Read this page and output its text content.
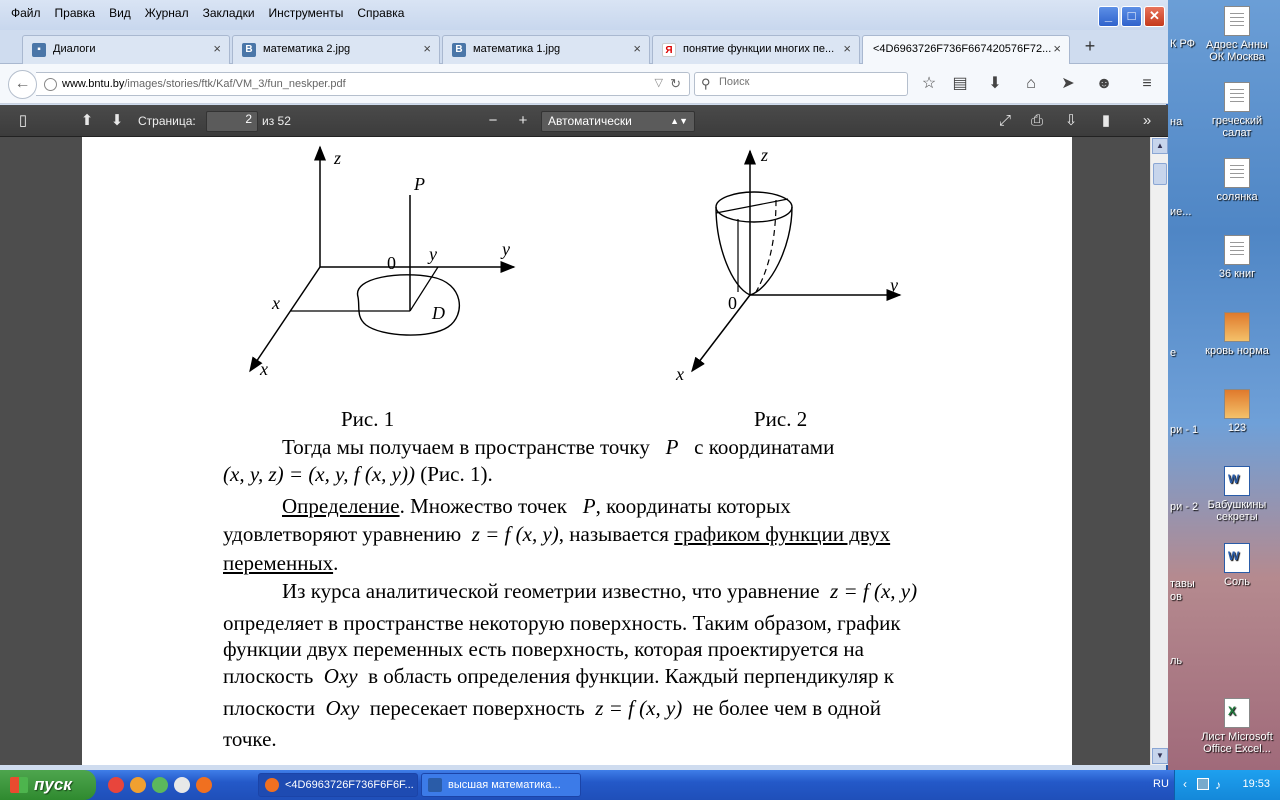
Адрес Анны ОК Москва
греческий салат
солянка
36 книг
кровь норма
123
W
Бабушкины секреты
W
Соль
X
Лист Microsoft Office Excel...
К РФ
на
ие...
е
ри - 1
ри - 2
тавы
ов
ль
Файл	Правка	Вид	Журнал	Закладки	Инструменты	Справка	_	□	✕
▪	Диалоги	×	B математика 2.jpg	×	B математика 1.jpg	×	Я понятие функции многих пе... ×	<4D6963726F736F667420576F72... × +
www.bntu.by/images/stories/ftk/Kaf/VM_3/fun_neskper.pdf	▽ ↻
←	⚲
Поиск	☆ ▤ ⬇	⌂	➤ ☻	≡
▯	⬆	⬇	Страница:	2 из 52	−	+	Автоматически	▲▼	⤢	⎙	⇩	▮	»
z
P
0 y	y
x
x
D
z
y
0
x
Рис. 1	Рис. 2
Тогда мы получаем в пространстве точку P с координатами
(x, y, z) = (x, y, f (x, y)) (Рис. 1).
Определение. Множество точек P, координаты которых
удовлетворяют уравнению z = f (x, y), называется графиком функции двух
переменных.
Из курса аналитической геометрии известно, что уравнение z = f (x, y)
определяет в пространстве некоторую поверхность. Таким образом, график
функции двух переменных есть поверхность, которая проектируется на
плоскость Oxy в область определения функции. Каждый перпендикуляр к
плоскости Oxy пересекает поверхность z = f (x, y) не более чем в одной
точке.
▲
▼
пуск	<4D6963726F736F6F6F...	высшая математика...	RU ‹ ♪ 19:53
